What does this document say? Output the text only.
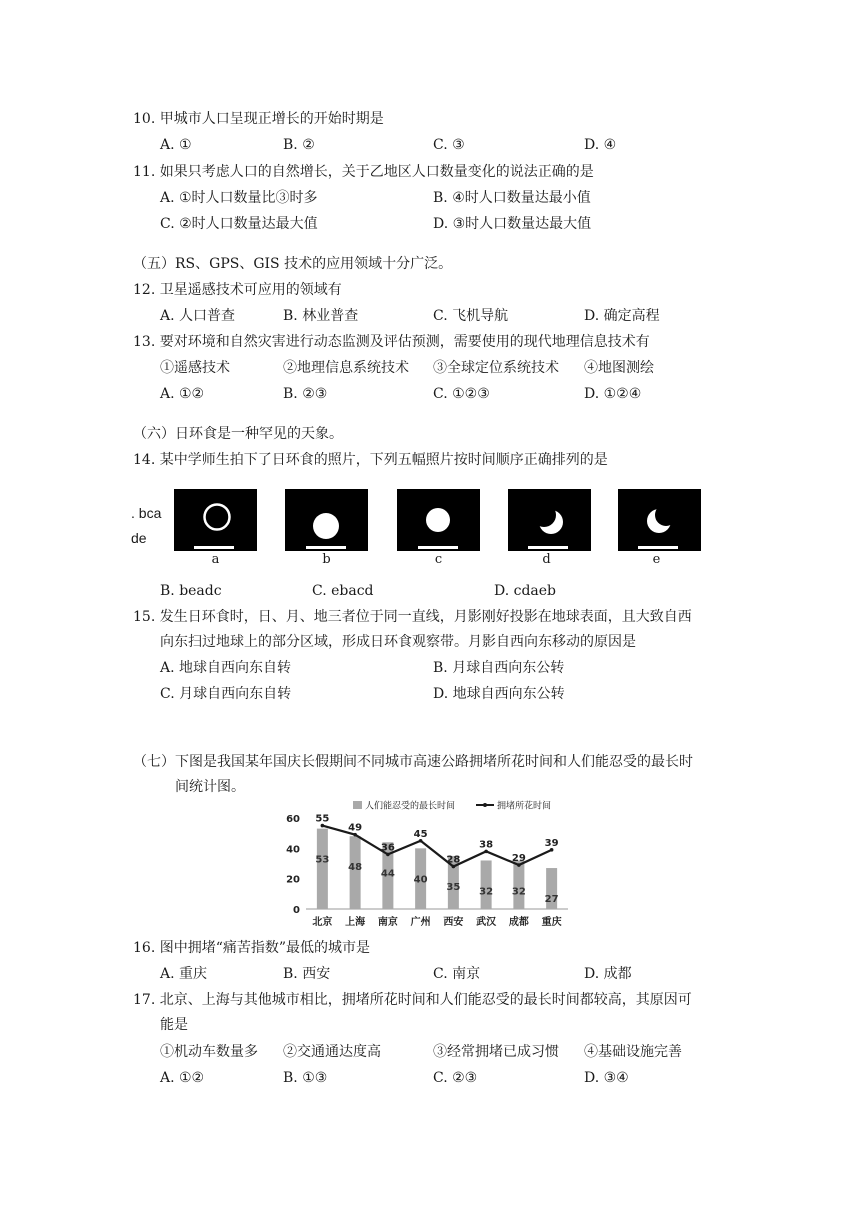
10. 甲城市人口呈现正增长的开始时期是
A. ①	B. ②	C. ③	D. ④
11. 如果只考虑人口的自然增长，关于乙地区人口数量变化的说法正确的是
A. ①时人口数量比③时多	B. ④时人口数量达最小值
C. ②时人口数量达最大值	D. ③时人口数量达最大值
（五）RS、GPS、GIS 技术的应用领域十分广泛。
12. 卫星遥感技术可应用的领域有
A. 人口普查	B. 林业普查	C. 飞机导航	D. 确定高程
13. 要对环境和自然灾害进行动态监测及评估预测，需要使用的现代地理信息技术有
①遥感技术	②地理信息系统技术 ③全球定位系统技术 ④地图测绘
A. ①②	B. ②③	C. ①②③	D. ①②④
（六）日环食是一种罕见的天象。
14. 某中学师生拍下了日环食的照片，下列五幅照片按时间顺序正确排列的是
. bca
de
a	b	c	d	e
B. beadc	C. ebacd	D. cdaeb
15. 发生日环食时，日、月、地三者位于同一直线，月影刚好投影在地球表面，且大致自西
向东扫过地球上的部分区域，形成日环食观察带。月影自西向东移动的原因是
A. 地球自西向东自转	B. 月球自西向东公转
C. 月球自西向东自转	D. 地球自西向东公转
（七）下图是我国某年国庆长假期间不同城市高速公路拥堵所花时间和人们能忍受的最长时
间统计图。
人们能忍受的最长时间	拥堵所花时间
0
20
40
60
53
48
44
40
35 32 32
27
55
49
36
45
28
38
29
39
北京 上海 南京 广州 西安 武汉 成都 重庆
16. 图中拥堵“痛苦指数”最低的城市是
A. 重庆	B. 西安	C. 南京	D. 成都
17. 北京、上海与其他城市相比，拥堵所花时间和人们能忍受的最长时间都较高，其原因可
能是
①机动车数量多 ②交通通达度高	③经常拥堵已成习惯 ④基础设施完善
A. ①②	B. ①③	C. ②③	D. ③④
